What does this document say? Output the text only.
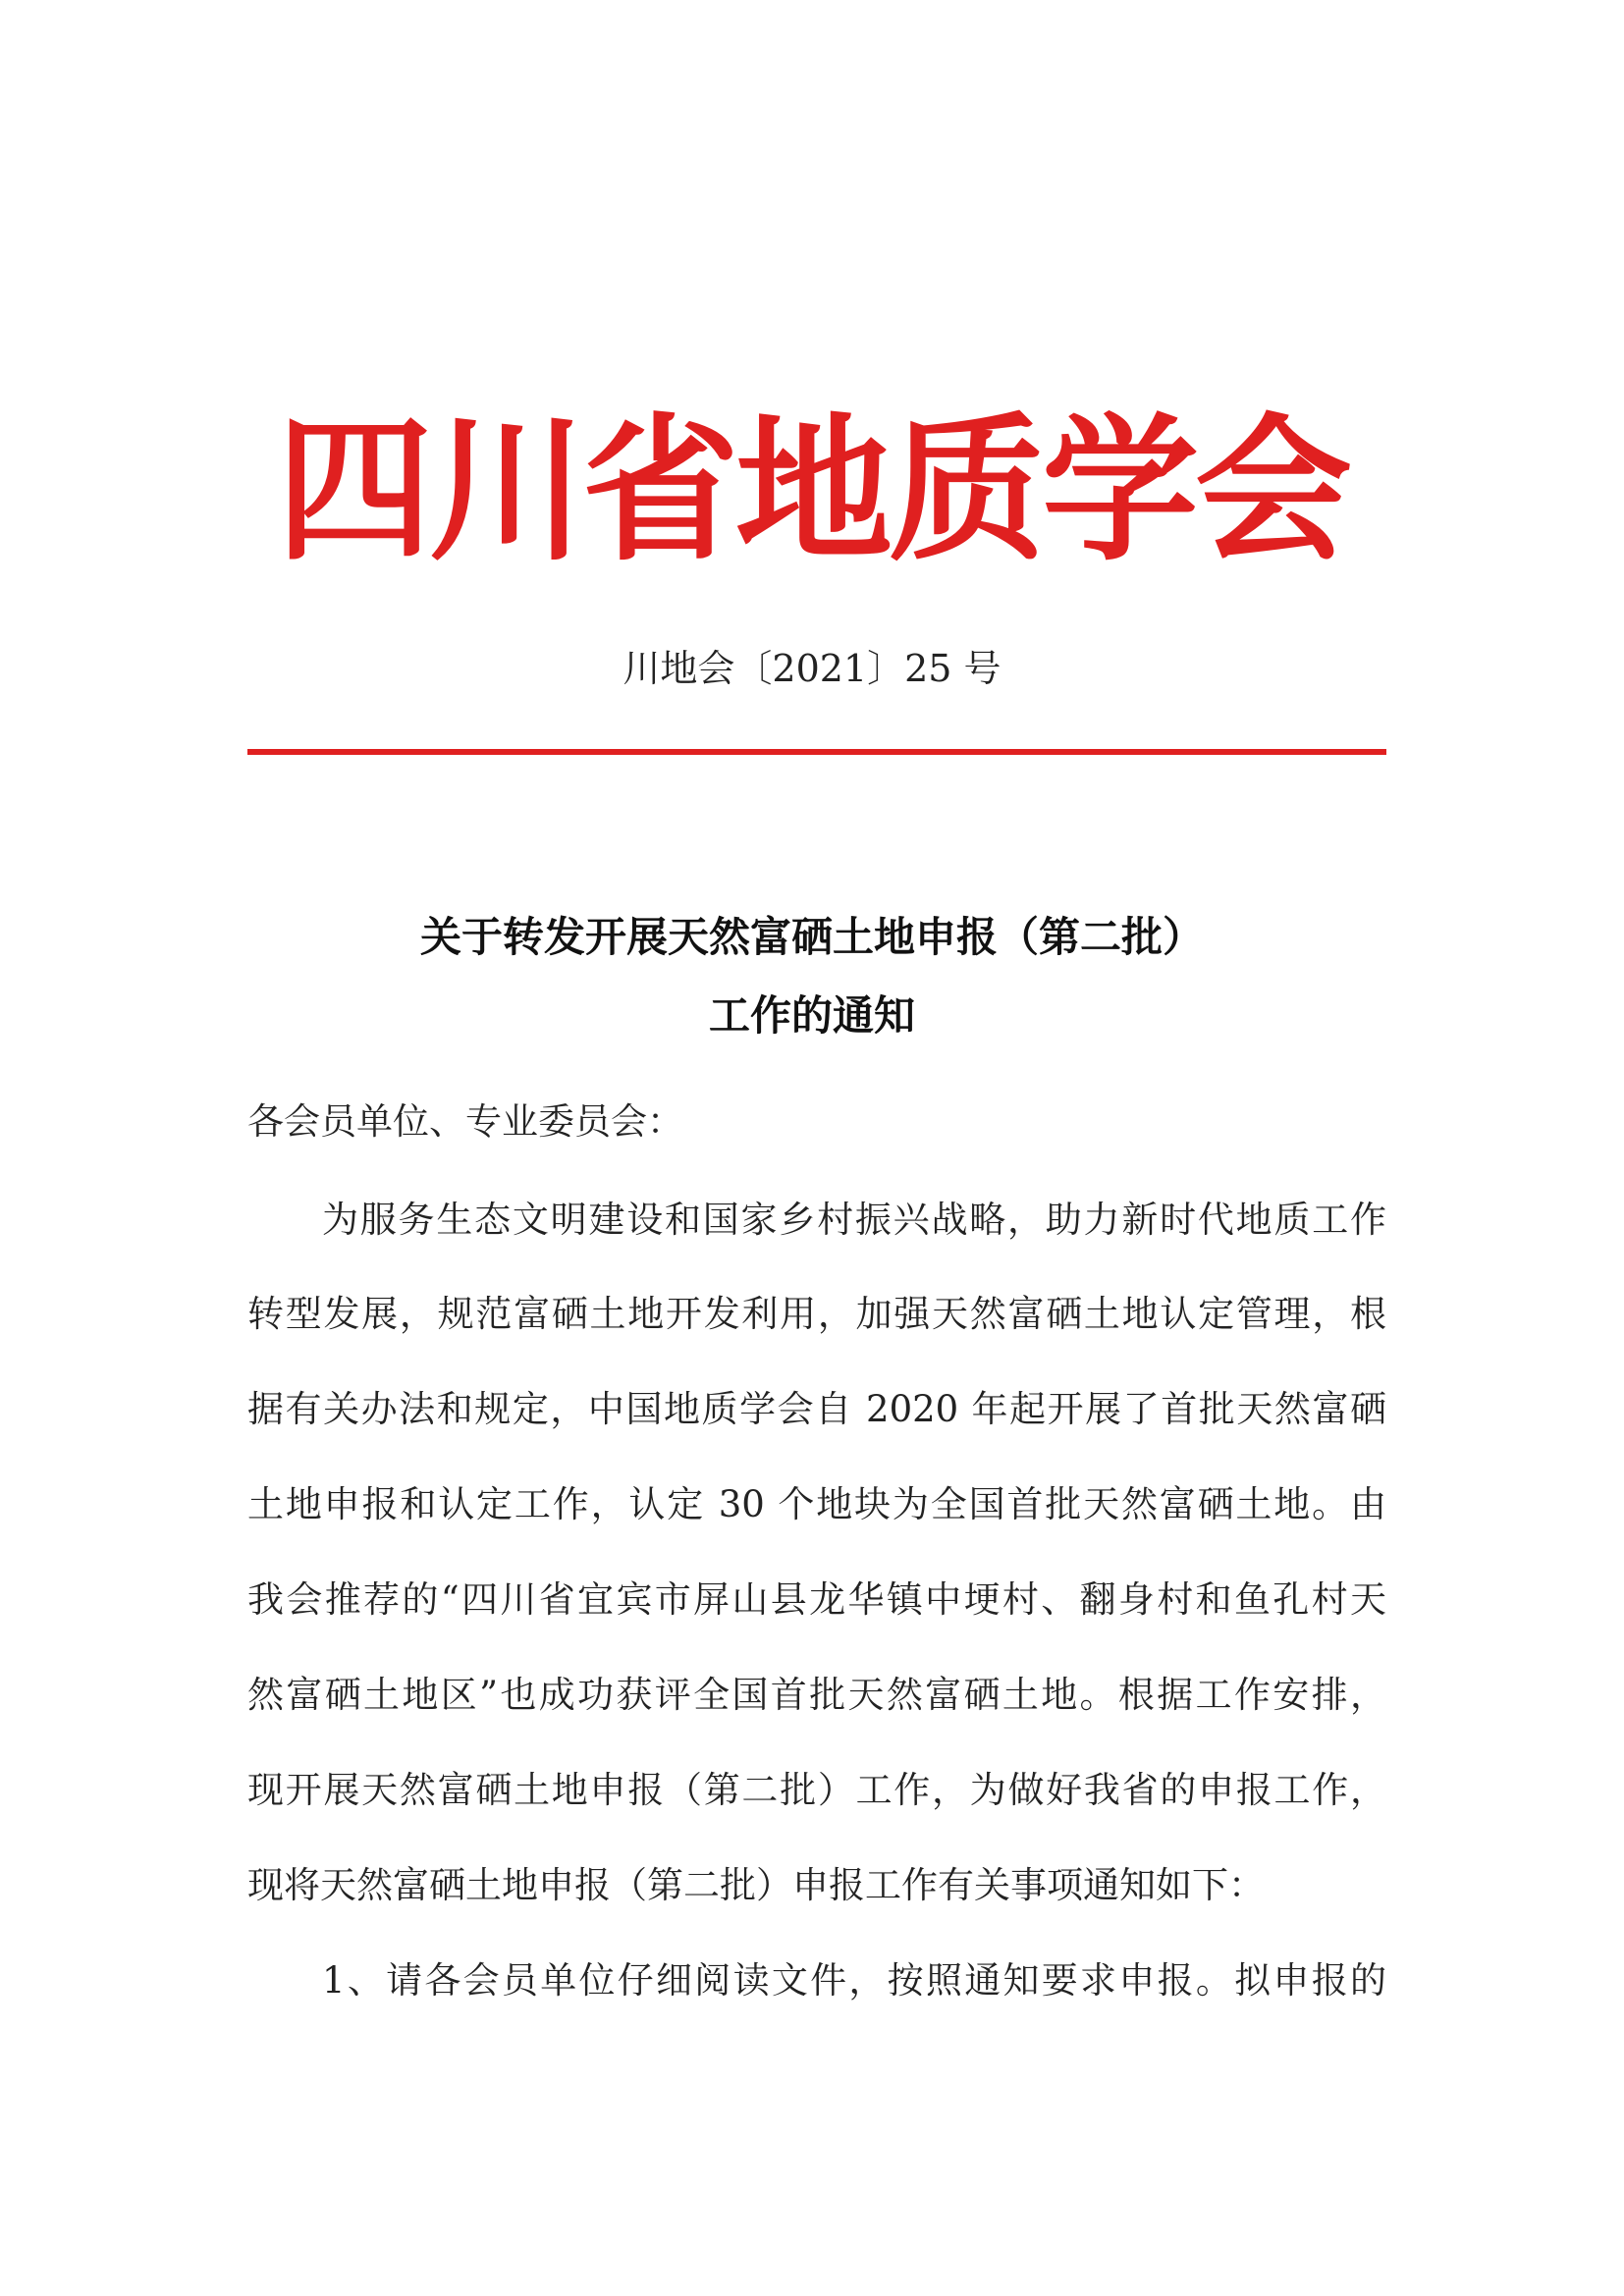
四川省地质学会
川地会〔2021〕25 号
关于转发开展天然富硒土地申报（第二批）
工作的通知
各会员单位、专业委员会：
为服务生态文明建设和国家乡村振兴战略，助力新时代地质工作
转型发展，规范富硒土地开发利用，加强天然富硒土地认定管理，根
据有关办法和规定，中国地质学会自 2020 年起开展了首批天然富硒
土地申报和认定工作，认定 30 个地块为全国首批天然富硒土地。由
我会推荐的“四川省宜宾市屏山县龙华镇中埂村、翻身村和鱼孔村天
然富硒土地区”也成功获评全国首批天然富硒土地。根据工作安排，
现开展天然富硒土地申报（第二批）工作，为做好我省的申报工作，
现将天然富硒土地申报（第二批）申报工作有关事项通知如下：
1、请各会员单位仔细阅读文件，按照通知要求申报。拟申报的
